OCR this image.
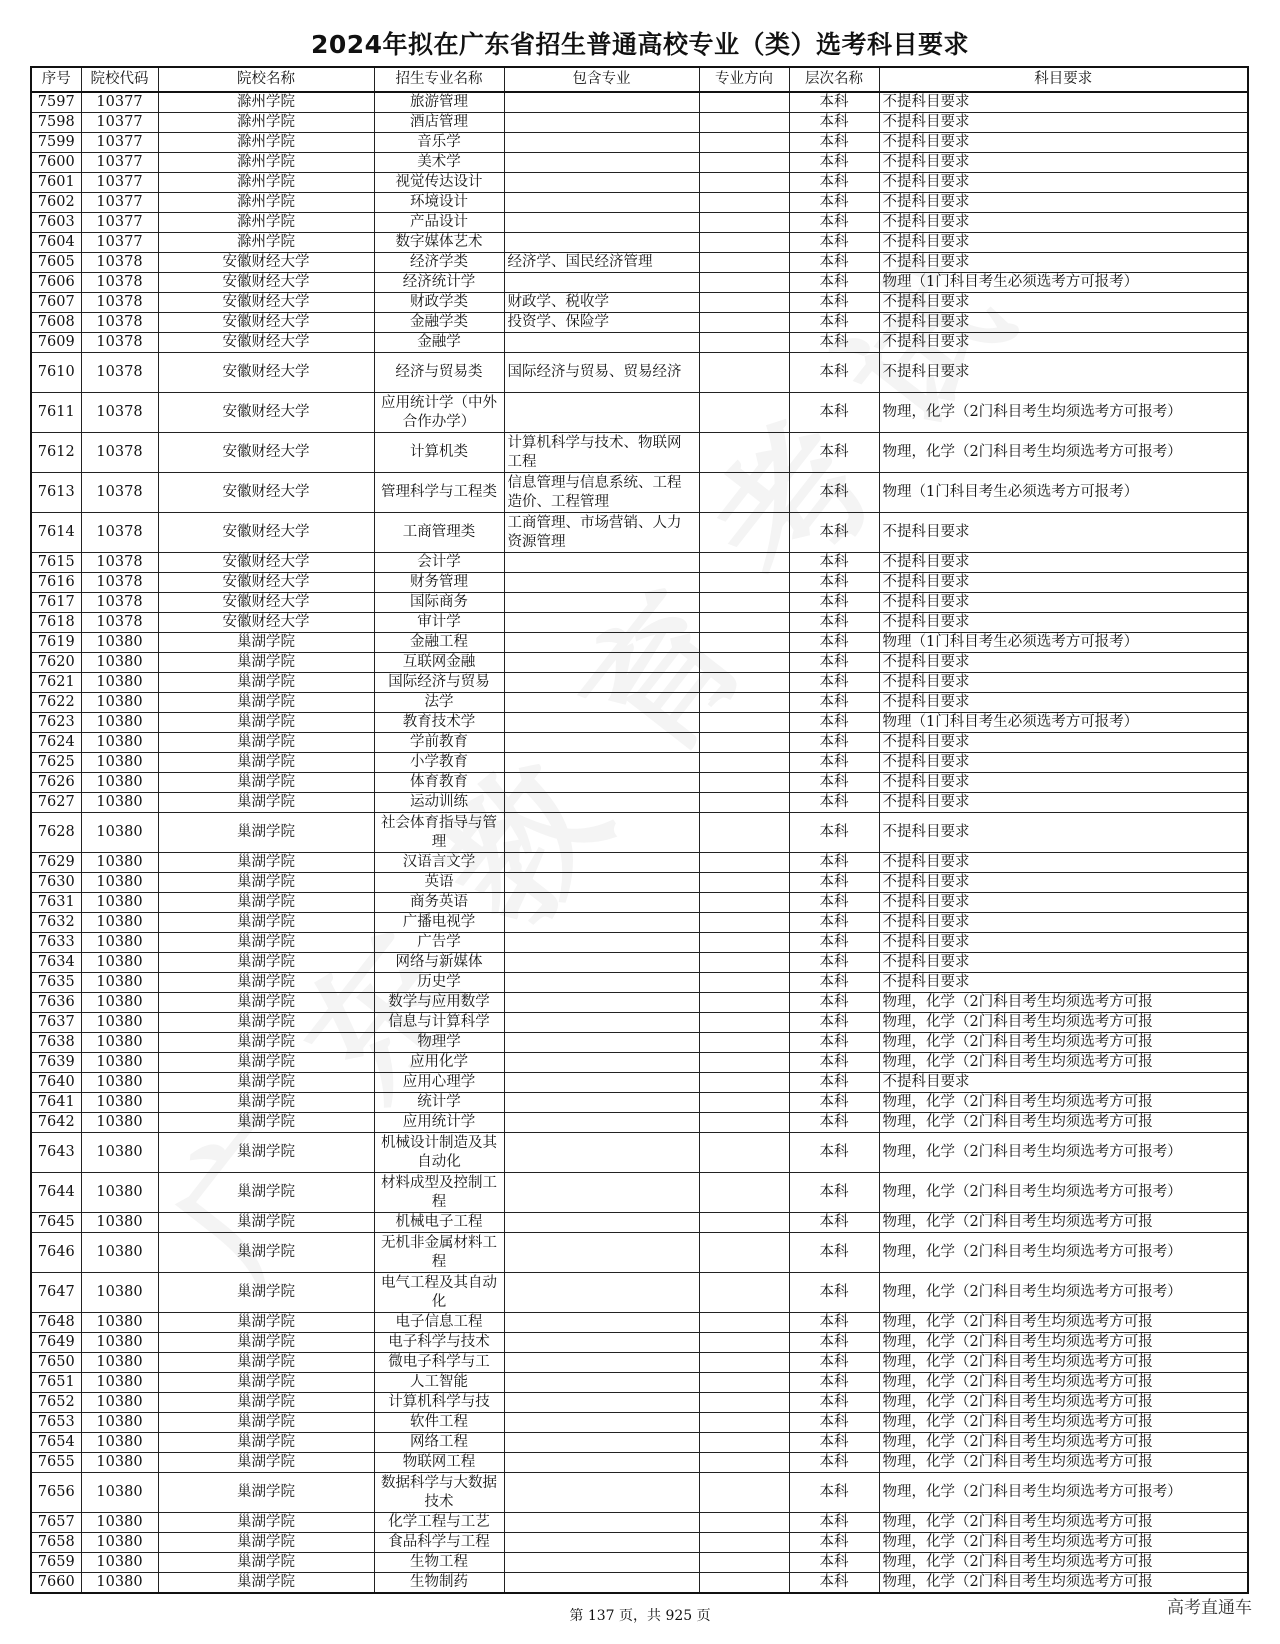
2024年拟在广东省招生普通高校专业（类）选考科目要求
序号	院校代码	院校名称	招生专业名称	包含专业	专业方向	层次名称	科目要求
7597	10377	滁州学院	旅游管理			本科	不提科目要求
7598	10377	滁州学院	酒店管理			本科	不提科目要求
7599	10377	滁州学院	音乐学			本科	不提科目要求
7600	10377	滁州学院	美术学			本科	不提科目要求
7601	10377	滁州学院	视觉传达设计			本科	不提科目要求
7602	10377	滁州学院	环境设计			本科	不提科目要求
7603	10377	滁州学院	产品设计			本科	不提科目要求
7604	10377	滁州学院	数字媒体艺术			本科	不提科目要求
7605	10378	安徽财经大学	经济学类	经济学、国民经济管理		本科	不提科目要求
7606	10378	安徽财经大学	经济统计学			本科	物理（1门科目考生必须选考方可报考）
7607	10378	安徽财经大学	财政学类	财政学、税收学		本科	不提科目要求
7608	10378	安徽财经大学	金融学类	投资学、保险学		本科	不提科目要求
7609	10378	安徽财经大学	金融学			本科	不提科目要求
7610	10378	安徽财经大学	经济与贸易类	国际经济与贸易、贸易经济		本科	不提科目要求
7611	10378	安徽财经大学	应用统计学（中外合作办学）			本科	物理，化学（2门科目考生均须选考方可报考）
7612	10378	安徽财经大学	计算机类	计算机科学与技术、物联网工程		本科	物理，化学（2门科目考生均须选考方可报考）
7613	10378	安徽财经大学	管理科学与工程类	信息管理与信息系统、工程造价、工程管理		本科	物理（1门科目考生必须选考方可报考）
7614	10378	安徽财经大学	工商管理类	工商管理、市场营销、人力资源管理		本科	不提科目要求
7615	10378	安徽财经大学	会计学			本科	不提科目要求
7616	10378	安徽财经大学	财务管理			本科	不提科目要求
7617	10378	安徽财经大学	国际商务			本科	不提科目要求
7618	10378	安徽财经大学	审计学			本科	不提科目要求
7619	10380	巢湖学院	金融工程			本科	物理（1门科目考生必须选考方可报考）
7620	10380	巢湖学院	互联网金融			本科	不提科目要求
7621	10380	巢湖学院	国际经济与贸易			本科	不提科目要求
7622	10380	巢湖学院	法学			本科	不提科目要求
7623	10380	巢湖学院	教育技术学			本科	物理（1门科目考生必须选考方可报考）
7624	10380	巢湖学院	学前教育			本科	不提科目要求
7625	10380	巢湖学院	小学教育			本科	不提科目要求
7626	10380	巢湖学院	体育教育			本科	不提科目要求
7627	10380	巢湖学院	运动训练			本科	不提科目要求
7628	10380	巢湖学院	社会体育指导与管理			本科	不提科目要求
7629	10380	巢湖学院	汉语言文学			本科	不提科目要求
7630	10380	巢湖学院	英语			本科	不提科目要求
7631	10380	巢湖学院	商务英语			本科	不提科目要求
7632	10380	巢湖学院	广播电视学			本科	不提科目要求
7633	10380	巢湖学院	广告学			本科	不提科目要求
7634	10380	巢湖学院	网络与新媒体			本科	不提科目要求
7635	10380	巢湖学院	历史学			本科	不提科目要求
7636	10380	巢湖学院	数学与应用数学			本科	物理，化学（2门科目考生均须选考方可报
7637	10380	巢湖学院	信息与计算科学			本科	物理，化学（2门科目考生均须选考方可报
7638	10380	巢湖学院	物理学			本科	物理，化学（2门科目考生均须选考方可报
7639	10380	巢湖学院	应用化学			本科	物理，化学（2门科目考生均须选考方可报
7640	10380	巢湖学院	应用心理学			本科	不提科目要求
7641	10380	巢湖学院	统计学			本科	物理，化学（2门科目考生均须选考方可报
7642	10380	巢湖学院	应用统计学			本科	物理，化学（2门科目考生均须选考方可报
7643	10380	巢湖学院	机械设计制造及其自动化			本科	物理，化学（2门科目考生均须选考方可报考）
7644	10380	巢湖学院	材料成型及控制工程			本科	物理，化学（2门科目考生均须选考方可报考）
7645	10380	巢湖学院	机械电子工程			本科	物理，化学（2门科目考生均须选考方可报
7646	10380	巢湖学院	无机非金属材料工程			本科	物理，化学（2门科目考生均须选考方可报考）
7647	10380	巢湖学院	电气工程及其自动化			本科	物理，化学（2门科目考生均须选考方可报考）
7648	10380	巢湖学院	电子信息工程			本科	物理，化学（2门科目考生均须选考方可报
7649	10380	巢湖学院	电子科学与技术			本科	物理，化学（2门科目考生均须选考方可报
7650	10380	巢湖学院	微电子科学与工			本科	物理，化学（2门科目考生均须选考方可报
7651	10380	巢湖学院	人工智能			本科	物理，化学（2门科目考生均须选考方可报
7652	10380	巢湖学院	计算机科学与技			本科	物理，化学（2门科目考生均须选考方可报
7653	10380	巢湖学院	软件工程			本科	物理，化学（2门科目考生均须选考方可报
7654	10380	巢湖学院	网络工程			本科	物理，化学（2门科目考生均须选考方可报
7655	10380	巢湖学院	物联网工程			本科	物理，化学（2门科目考生均须选考方可报
7656	10380	巢湖学院	数据科学与大数据技术			本科	物理，化学（2门科目考生均须选考方可报考）
7657	10380	巢湖学院	化学工程与工艺			本科	物理，化学（2门科目考生均须选考方可报
7658	10380	巢湖学院	食品科学与工程			本科	物理，化学（2门科目考生均须选考方可报
7659	10380	巢湖学院	生物工程			本科	物理，化学（2门科目考生均须选考方可报
7660	10380	巢湖学院	生物制药			本科	物理，化学（2门科目考生均须选考方可报
第 137 页，共 925 页	高考直通车
